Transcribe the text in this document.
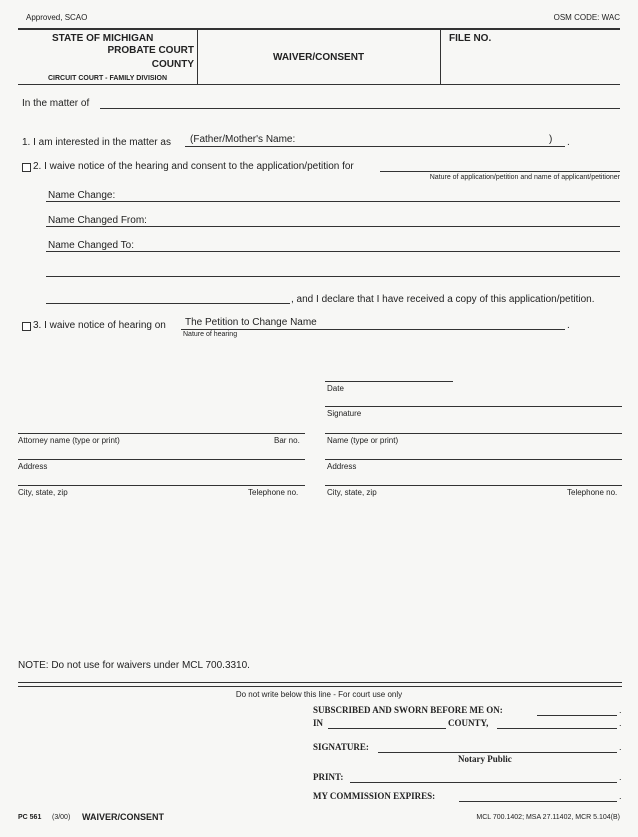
Approved, SCAO	OSM CODE: WAC
STATE OF MICHIGAN
PROBATE COURT
COUNTY
CIRCUIT COURT - FAMILY DIVISION
WAIVER/CONSENT
FILE NO.
In the matter of
1. I am interested in the matter as (Father/Mother's Name:	) .
2. I waive notice of the hearing and consent to the application/petition for
Nature of application/petition and name of applicant/petitioner
Name Change:
Name Changed From:
Name Changed To:
, and I declare that I have received a copy of this application/petition.
3. I waive notice of hearing on The Petition to Change Name	.
Nature of hearing
Date
Signature
Attorney name (type or print)	Bar no.	Name (type or print)
Address	Address
City, state, zip	Telephone no.	City, state, zip	Telephone no.
NOTE: Do not use for waivers under MCL 700.3310.
Do not write below this line - For court use only
SUBSCRIBED AND SWORN BEFORE ME ON:	.
IN	COUNTY,	.
SIGNATURE:	.
Notary Public
PRINT:	.
MY COMMISSION EXPIRES:	.
PC 561 (3/00) WAIVER/CONSENT	MCL 700.1402; MSA 27.11402, MCR 5.104(B)
